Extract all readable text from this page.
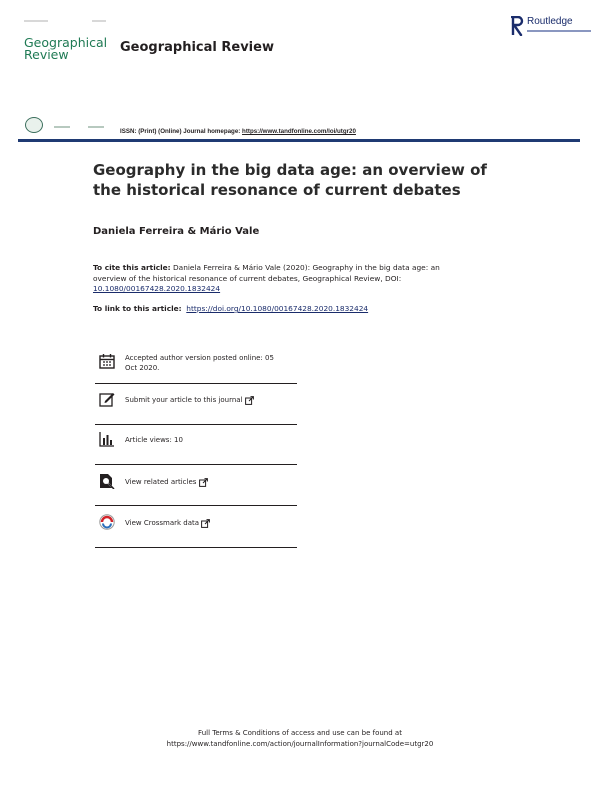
Geographical
Review	Geographical Review
Routledge
ISSN: (Print) (Online) Journal homepage: https://www.tandfonline.com/loi/utgr20
Geography in the big data age: an overview of the historical resonance of current debates
Daniela Ferreira & Mário Vale
To cite this article: Daniela Ferreira & Mário Vale (2020): Geography in the big data age: an overview of the historical resonance of current debates, Geographical Review, DOI:
10.1080/00167428.2020.1832424
To link to this article: https://doi.org/10.1080/00167428.2020.1832424
Accepted author version posted online: 05
Oct 2020.
Submit your article to this journal
Article views: 10
View related articles
View Crossmark data
Full Terms & Conditions of access and use can be found at
https://www.tandfonline.com/action/journalInformation?journalCode=utgr20
